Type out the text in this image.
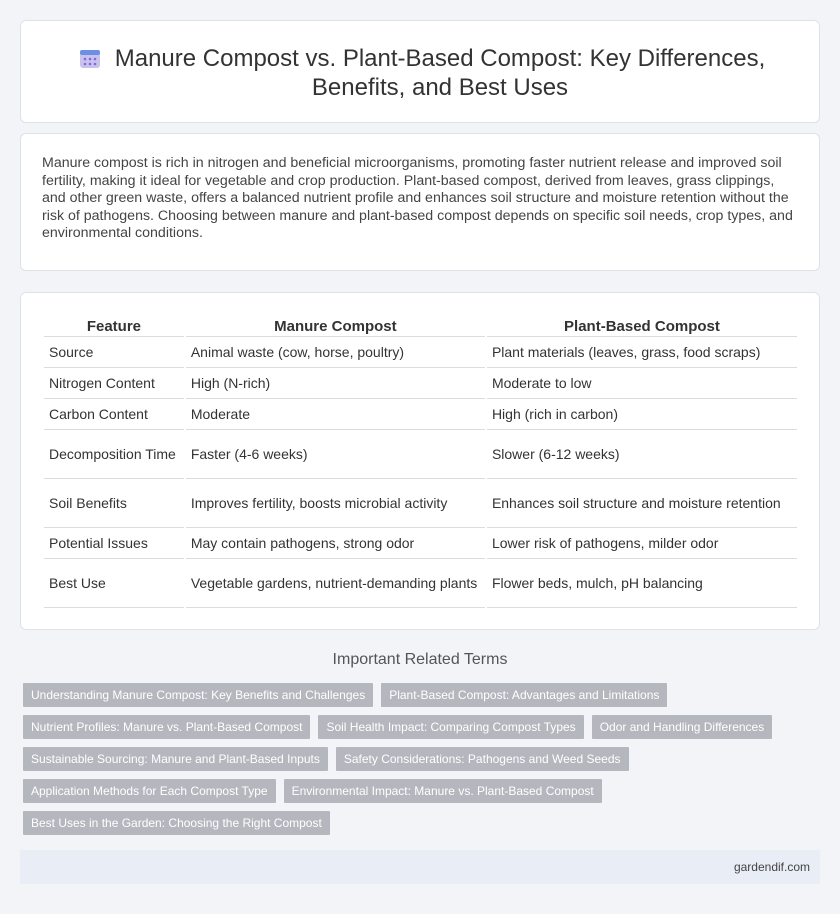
Manure Compost vs. Plant-Based Compost: Key Differences, Benefits, and Best Uses

Manure compost is rich in nitrogen and beneficial microorganisms, promoting faster nutrient release and improved soil fertility, making it ideal for vegetable and crop production. Plant-based compost, derived from leaves, grass clippings, and other green waste, offers a balanced nutrient profile and enhances soil structure and moisture retention without the risk of pathogens. Choosing between manure and plant-based compost depends on specific soil needs, crop types, and environmental conditions.

Feature	Manure Compost	Plant-Based Compost
Source	Animal waste (cow, horse, poultry)	Plant materials (leaves, grass, food scraps)
Nitrogen Content	High (N-rich)	Moderate to low
Carbon Content	Moderate	High (rich in carbon)
Decomposition Time	Faster (4-6 weeks)	Slower (6-12 weeks)
Soil Benefits	Improves fertility, boosts microbial activity	Enhances soil structure and moisture retention
Potential Issues	May contain pathogens, strong odor	Lower risk of pathogens, milder odor
Best Use	Vegetable gardens, nutrient-demanding plants	Flower beds, mulch, pH balancing
Important Related Terms
Understanding Manure Compost: Key Benefits and Challenges	Plant-Based Compost: Advantages and Limitations
Nutrient Profiles: Manure vs. Plant-Based Compost	Soil Health Impact: Comparing Compost Types	Odor and Handling Differences
Sustainable Sourcing: Manure and Plant-Based Inputs	Safety Considerations: Pathogens and Weed Seeds
Application Methods for Each Compost Type	Environmental Impact: Manure vs. Plant-Based Compost
Best Uses in the Garden: Choosing the Right Compost
gardendif.com
